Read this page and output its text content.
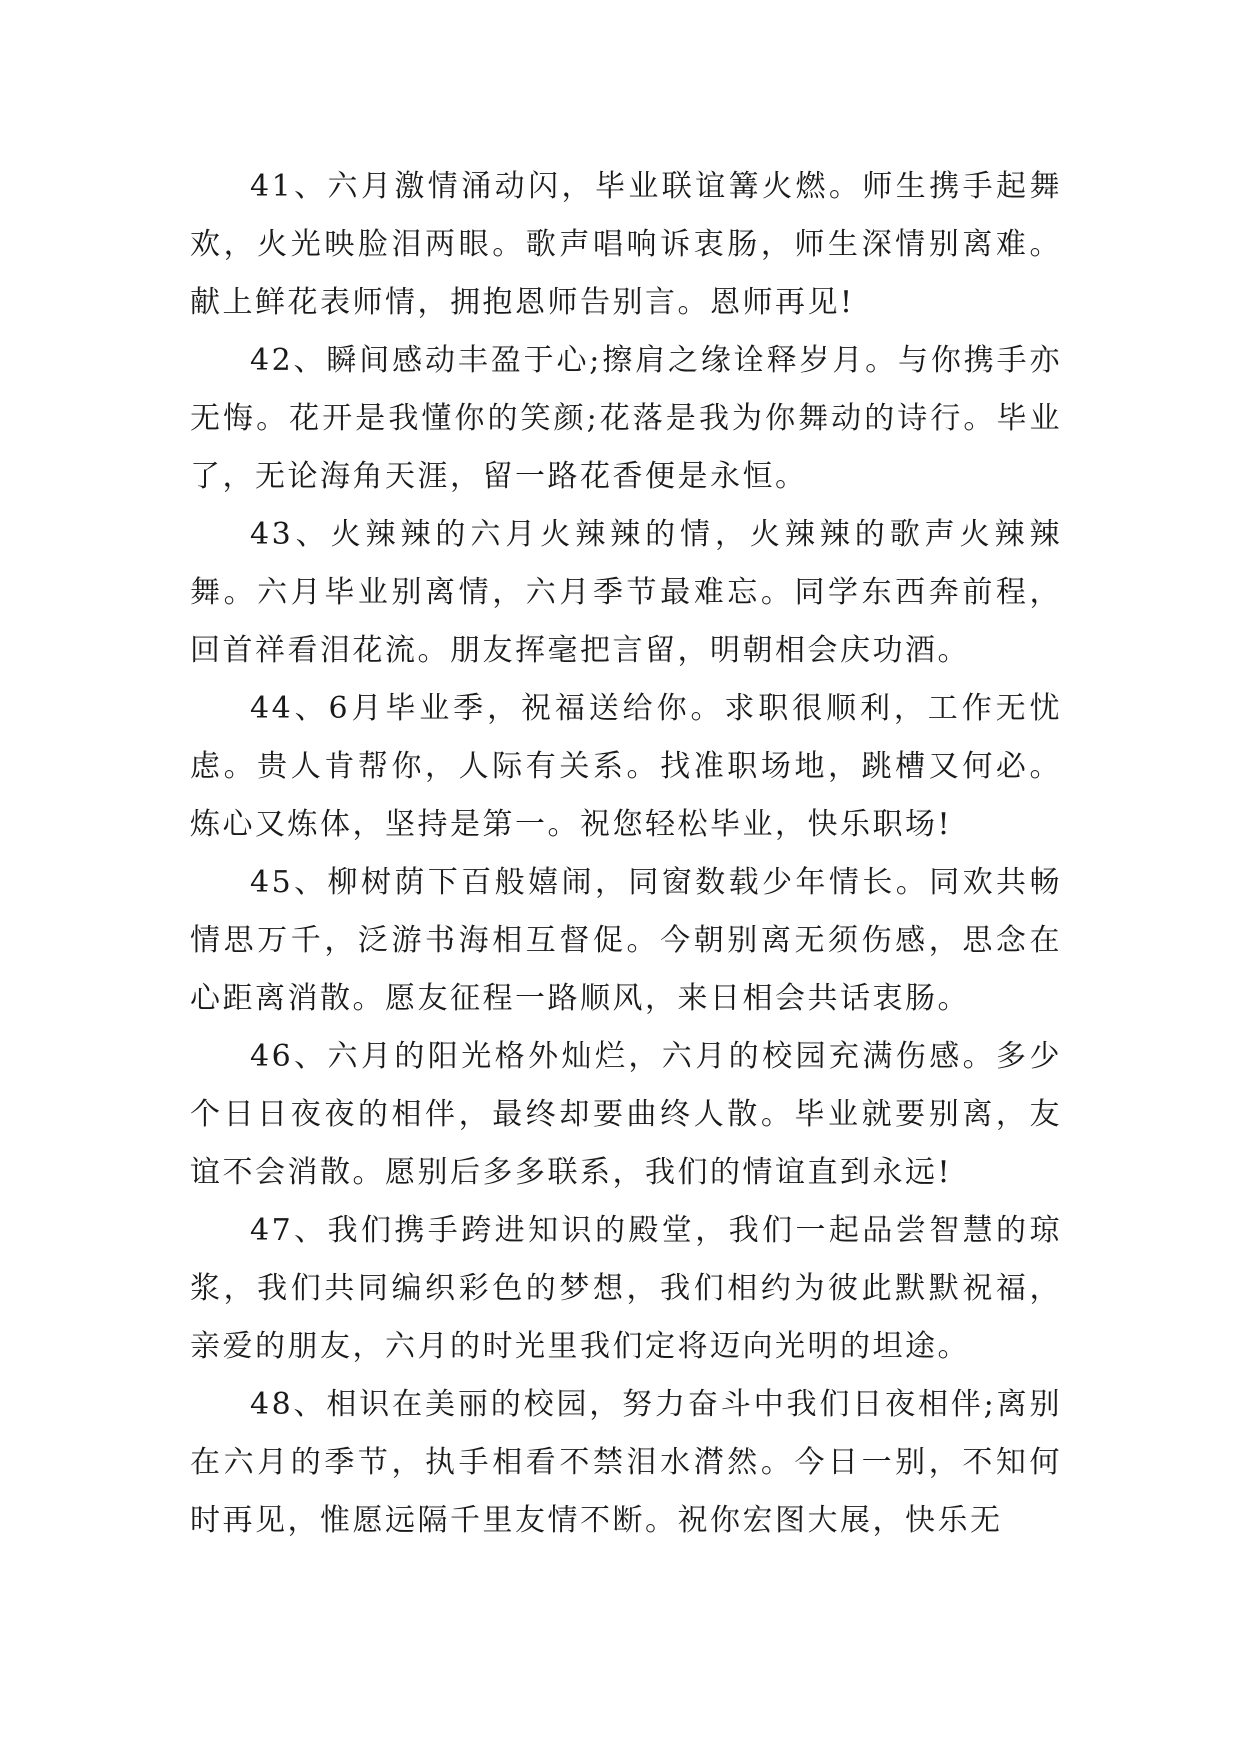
41、六月激情涌动闪，毕业联谊篝火燃。师生携手起舞欢，火光映脸泪两眼。歌声唱响诉衷肠，师生深情别离难。献上鲜花表师情，拥抱恩师告别言。恩师再见!

42、瞬间感动丰盈于心;擦肩之缘诠释岁月。与你携手亦无悔。花开是我懂你的笑颜;花落是我为你舞动的诗行。毕业了，无论海角天涯，留一路花香便是永恒。

43、火辣辣的六月火辣辣的情，火辣辣的歌声火辣辣舞。六月毕业别离情，六月季节最难忘。同学东西奔前程，回首祥看泪花流。朋友挥毫把言留，明朝相会庆功酒。

44、6月毕业季，祝福送给你。求职很顺利，工作无忧虑。贵人肯帮你，人际有关系。找准职场地，跳槽又何必。炼心又炼体，坚持是第一。祝您轻松毕业，快乐职场!

45、柳树荫下百般嬉闹，同窗数载少年情长。同欢共畅情思万千，泛游书海相互督促。今朝别离无须伤感，思念在心距离消散。愿友征程一路顺风，来日相会共话衷肠。

46、六月的阳光格外灿烂，六月的校园充满伤感。多少个日日夜夜的相伴，最终却要曲终人散。毕业就要别离，友谊不会消散。愿别后多多联系，我们的情谊直到永远!

47、我们携手跨进知识的殿堂，我们一起品尝智慧的琼浆，我们共同编织彩色的梦想，我们相约为彼此默默祝福，亲爱的朋友，六月的时光里我们定将迈向光明的坦途。

48、相识在美丽的校园，努力奋斗中我们日夜相伴;离别在六月的季节，执手相看不禁泪水潸然。今日一别，不知何时再见，惟愿远隔千里友情不断。祝你宏图大展，快乐无
